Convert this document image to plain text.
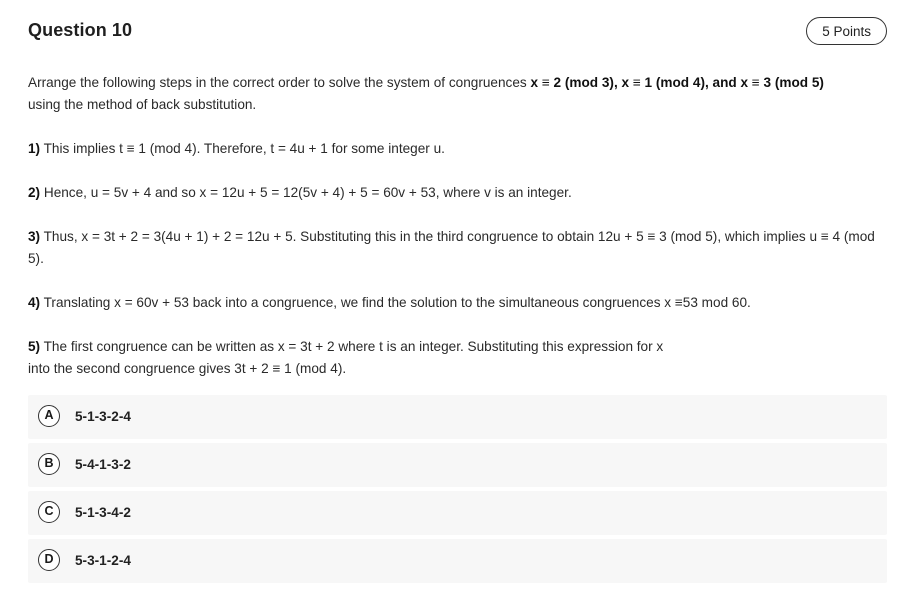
Question 10	5 Points
Arrange the following steps in the correct order to solve the system of congruences x ≡ 2 (mod 3), x ≡ 1 (mod 4), and x ≡ 3 (mod 5)
using the method of back substitution.
1) This implies t ≡ 1 (mod 4). Therefore, t = 4u + 1 for some integer u.
2) Hence, u = 5v + 4 and so x = 12u + 5 = 12(5v + 4) + 5 = 60v + 53, where v is an integer.
3) Thus, x = 3t + 2 = 3(4u + 1) + 2 = 12u + 5. Substituting this in the third congruence to obtain 12u + 5 ≡ 3 (mod 5), which implies u ≡ 4 (mod 5).
4) Translating x = 60v + 53 back into a congruence, we find the solution to the simultaneous congruences x ≡53 mod 60.
5) The first congruence can be written as x = 3t + 2 where t is an integer. Substituting this expression for x
into the second congruence gives 3t + 2 ≡ 1 (mod 4).
A	5-1-3-2-4
B	5-4-1-3-2
C	5-1-3-4-2
D	5-3-1-2-4
